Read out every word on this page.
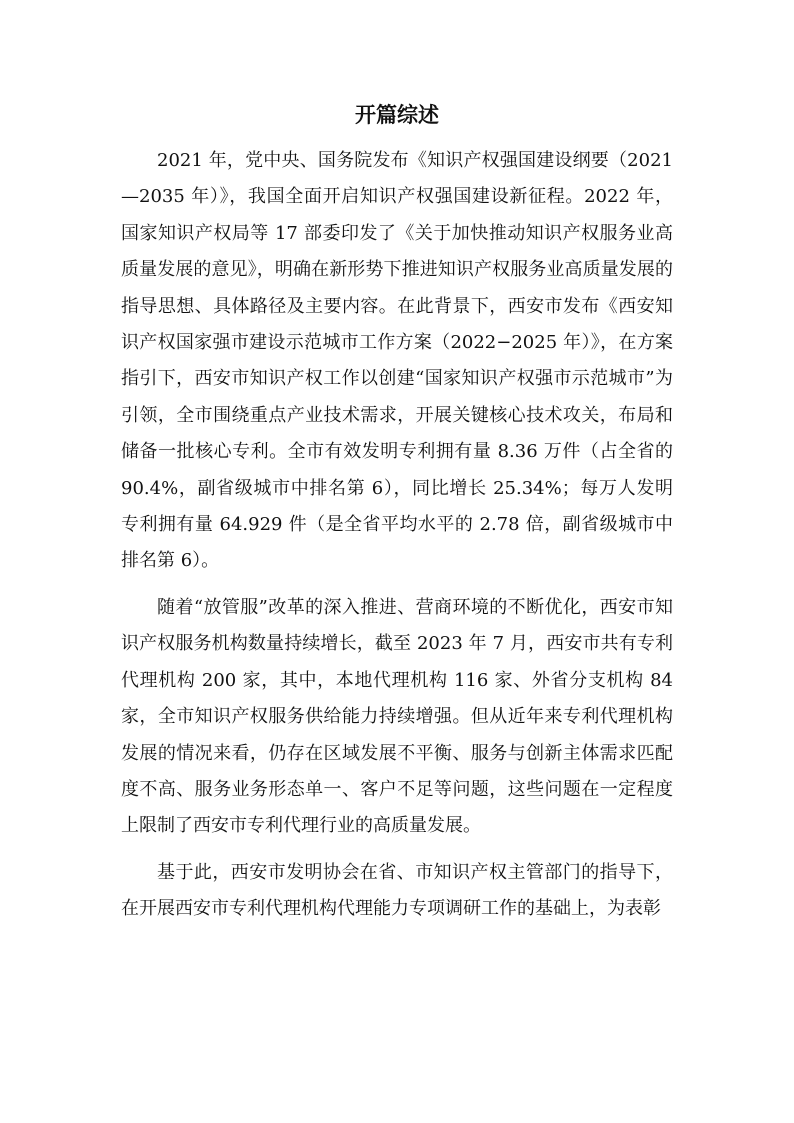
开篇综述

2021 年，党中央、国务院发布《知识产权强国建设纲要（2021—2035 年）》，我国全面开启知识产权强国建设新征程。2022 年，国家知识产权局等 17 部委印发了《关于加快推动知识产权服务业高质量发展的意见》，明确在新形势下推进知识产权服务业高质量发展的指导思想、具体路径及主要内容。在此背景下，西安市发布《西安知识产权国家强市建设示范城市工作方案（2022−2025 年）》，在方案指引下，西安市知识产权工作以创建“国家知识产权强市示范城市”为引领，全市围绕重点产业技术需求，开展关键核心技术攻关，布局和储备一批核心专利。全市有效发明专利拥有量 8.36 万件（占全省的 90.4%，副省级城市中排名第 6），同比增长 25.34%；每万人发明专利拥有量 64.929 件（是全省平均水平的 2.78 倍，副省级城市中排名第 6）。

随着“放管服”改革的深入推进、营商环境的不断优化，西安市知识产权服务机构数量持续增长，截至 2023 年 7 月，西安市共有专利代理机构 200 家，其中，本地代理机构 116 家、外省分支机构 84 家，全市知识产权服务供给能力持续增强。但从近年来专利代理机构发展的情况来看，仍存在区域发展不平衡、服务与创新主体需求匹配度不高、服务业务形态单一、客户不足等问题，这些问题在一定程度上限制了西安市专利代理行业的高质量发展。

基于此，西安市发明协会在省、市知识产权主管部门的指导下，在开展西安市专利代理机构代理能力专项调研工作的基础上，为表彰
